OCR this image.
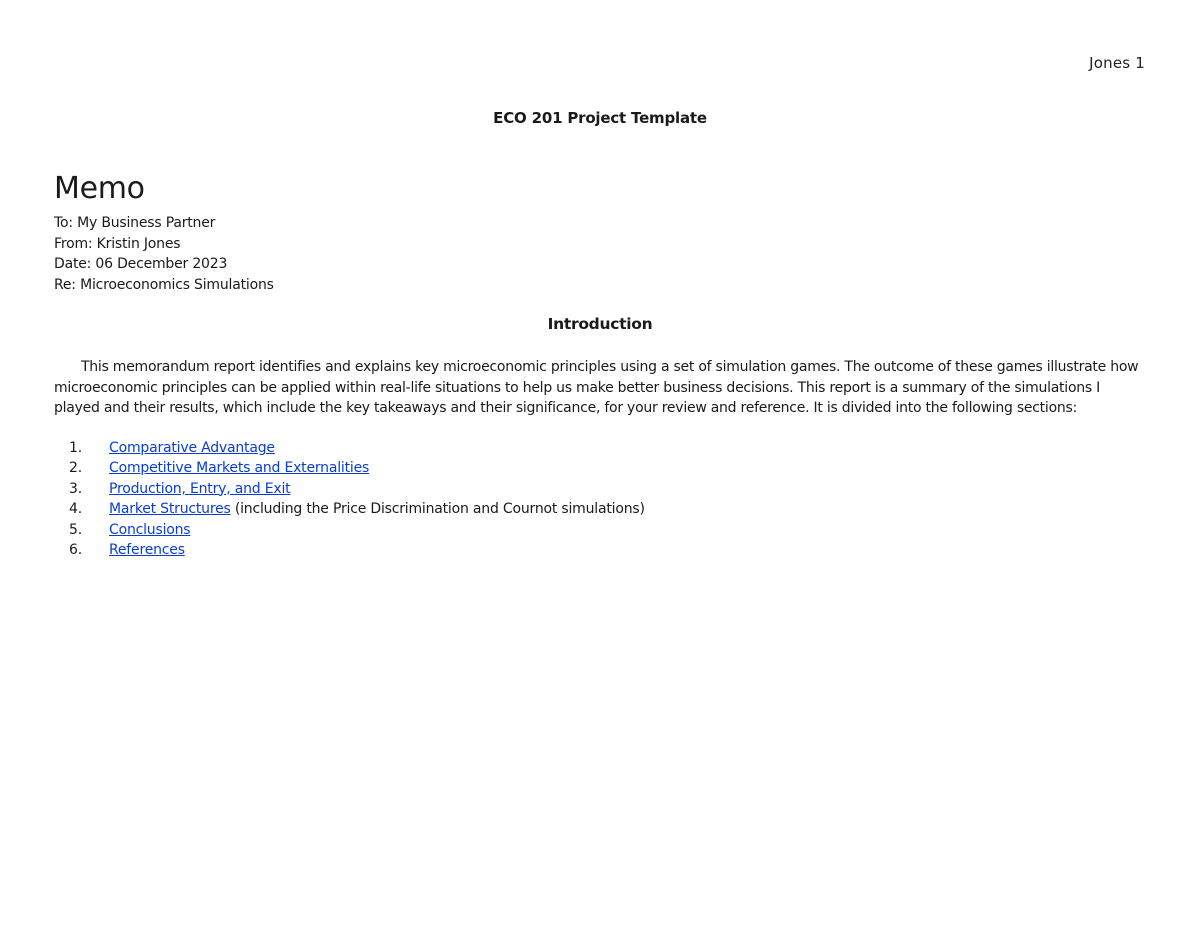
Jones 1
ECO 201 Project Template
Memo
To: My Business Partner
From: Kristin Jones
Date: 06 December 2023
Re: Microeconomics Simulations
Introduction

This memorandum report identifies and explains key microeconomic principles using a set of simulation games. The outcome of these games illustrate how microeconomic principles can be applied within real-life situations to help us make better business decisions. This report is a summary of the simulations I played and their results, which include the key takeaways and their significance, for your review and reference. It is divided into the following sections:

1.	Comparative Advantage
2.	Competitive Markets and Externalities
3.	Production, Entry, and Exit
4.	Market Structures (including the Price Discrimination and Cournot simulations)
5.	Conclusions
6.	References
